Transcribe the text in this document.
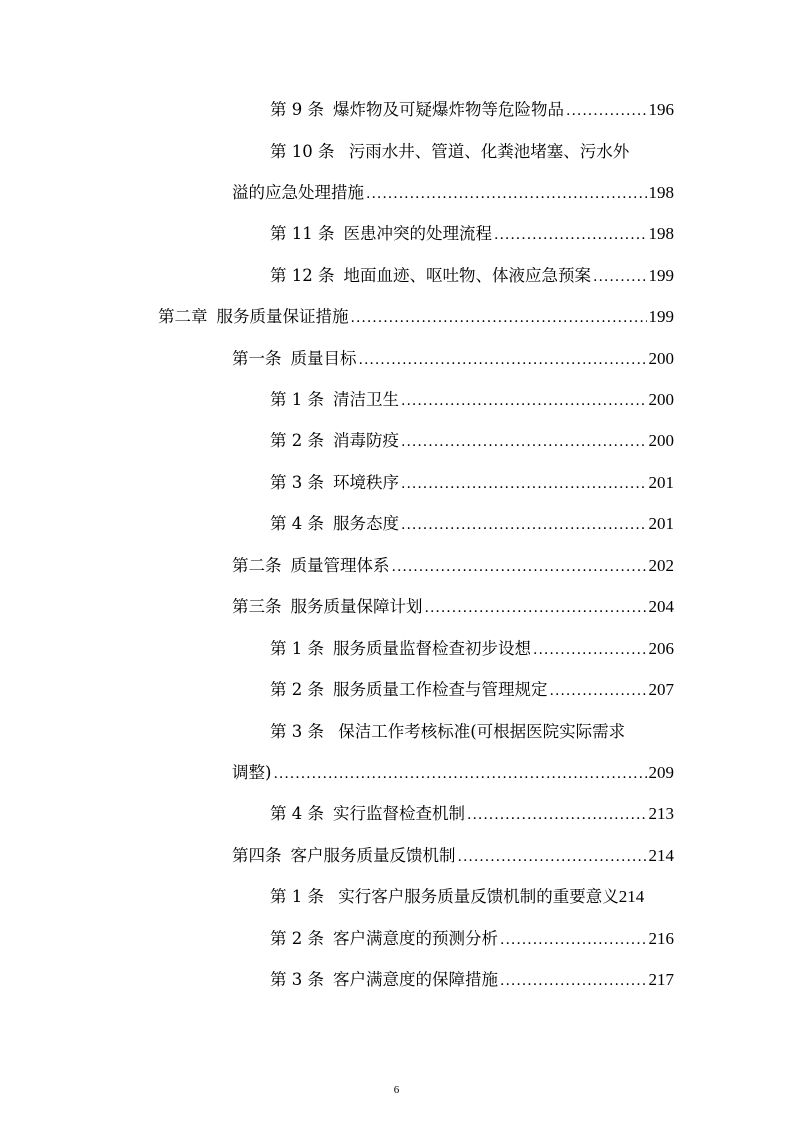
第 9 条 爆炸物及可疑爆炸物等危险物品 .....	196
第 10 条 污雨水井、管道、化粪池堵塞、污水外
溢的应急处理措施 .....	198
第 11 条 医患冲突的处理流程 .....	198
第 12 条 地面血迹、呕吐物、体液应急预案 .....	199
第二章 服务质量保证措施 .....	199
第一条 质量目标 .....	200
第 1 条 清洁卫生 .....	200
第 2 条 消毒防疫 .....	200
第 3 条 环境秩序 .....	201
第 4 条 服务态度 .....	201
第二条 质量管理体系 .....	202
第三条 服务质量保障计划 .....	204
第 1 条 服务质量监督检查初步设想 .....	206
第 2 条 服务质量工作检查与管理规定 .....	207
第 3 条 保洁工作考核标准(可根据医院实际需求
调整) .....	209
第 4 条 实行监督检查机制 .....	213
第四条 客户服务质量反馈机制 .....	214
第 1 条 实行客户服务质量反馈机制的重要意义214
第 2 条 客户满意度的预测分析 .....	216
第 3 条 客户满意度的保障措施 .....	217
6
